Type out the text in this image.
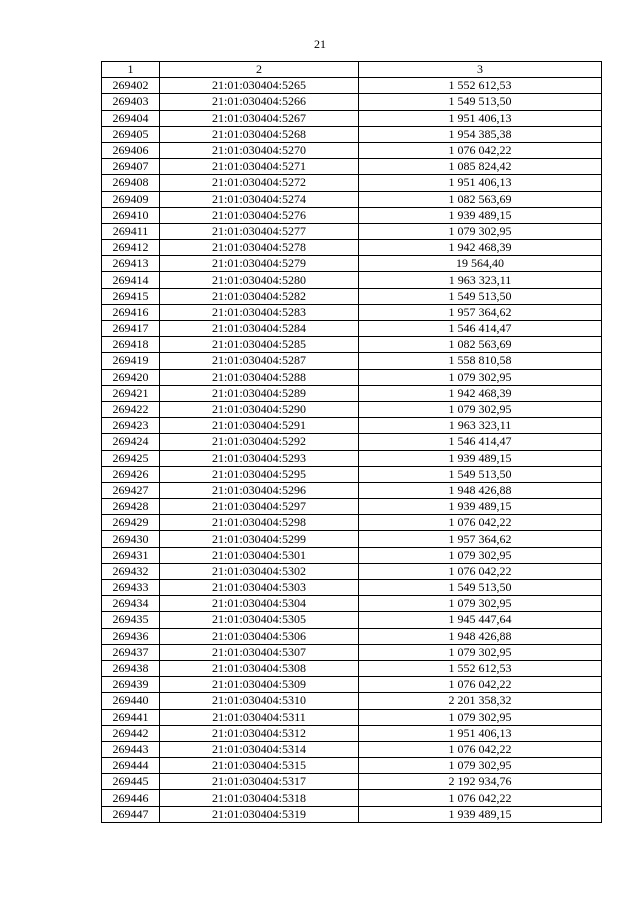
21
1	2	3
269402	21:01:030404:5265	1 552 612,53
269403	21:01:030404:5266	1 549 513,50
269404	21:01:030404:5267	1 951 406,13
269405	21:01:030404:5268	1 954 385,38
269406	21:01:030404:5270	1 076 042,22
269407	21:01:030404:5271	1 085 824,42
269408	21:01:030404:5272	1 951 406,13
269409	21:01:030404:5274	1 082 563,69
269410	21:01:030404:5276	1 939 489,15
269411	21:01:030404:5277	1 079 302,95
269412	21:01:030404:5278	1 942 468,39
269413	21:01:030404:5279	19 564,40
269414	21:01:030404:5280	1 963 323,11
269415	21:01:030404:5282	1 549 513,50
269416	21:01:030404:5283	1 957 364,62
269417	21:01:030404:5284	1 546 414,47
269418	21:01:030404:5285	1 082 563,69
269419	21:01:030404:5287	1 558 810,58
269420	21:01:030404:5288	1 079 302,95
269421	21:01:030404:5289	1 942 468,39
269422	21:01:030404:5290	1 079 302,95
269423	21:01:030404:5291	1 963 323,11
269424	21:01:030404:5292	1 546 414,47
269425	21:01:030404:5293	1 939 489,15
269426	21:01:030404:5295	1 549 513,50
269427	21:01:030404:5296	1 948 426,88
269428	21:01:030404:5297	1 939 489,15
269429	21:01:030404:5298	1 076 042,22
269430	21:01:030404:5299	1 957 364,62
269431	21:01:030404:5301	1 079 302,95
269432	21:01:030404:5302	1 076 042,22
269433	21:01:030404:5303	1 549 513,50
269434	21:01:030404:5304	1 079 302,95
269435	21:01:030404:5305	1 945 447,64
269436	21:01:030404:5306	1 948 426,88
269437	21:01:030404:5307	1 079 302,95
269438	21:01:030404:5308	1 552 612,53
269439	21:01:030404:5309	1 076 042,22
269440	21:01:030404:5310	2 201 358,32
269441	21:01:030404:5311	1 079 302,95
269442	21:01:030404:5312	1 951 406,13
269443	21:01:030404:5314	1 076 042,22
269444	21:01:030404:5315	1 079 302,95
269445	21:01:030404:5317	2 192 934,76
269446	21:01:030404:5318	1 076 042,22
269447	21:01:030404:5319	1 939 489,15
